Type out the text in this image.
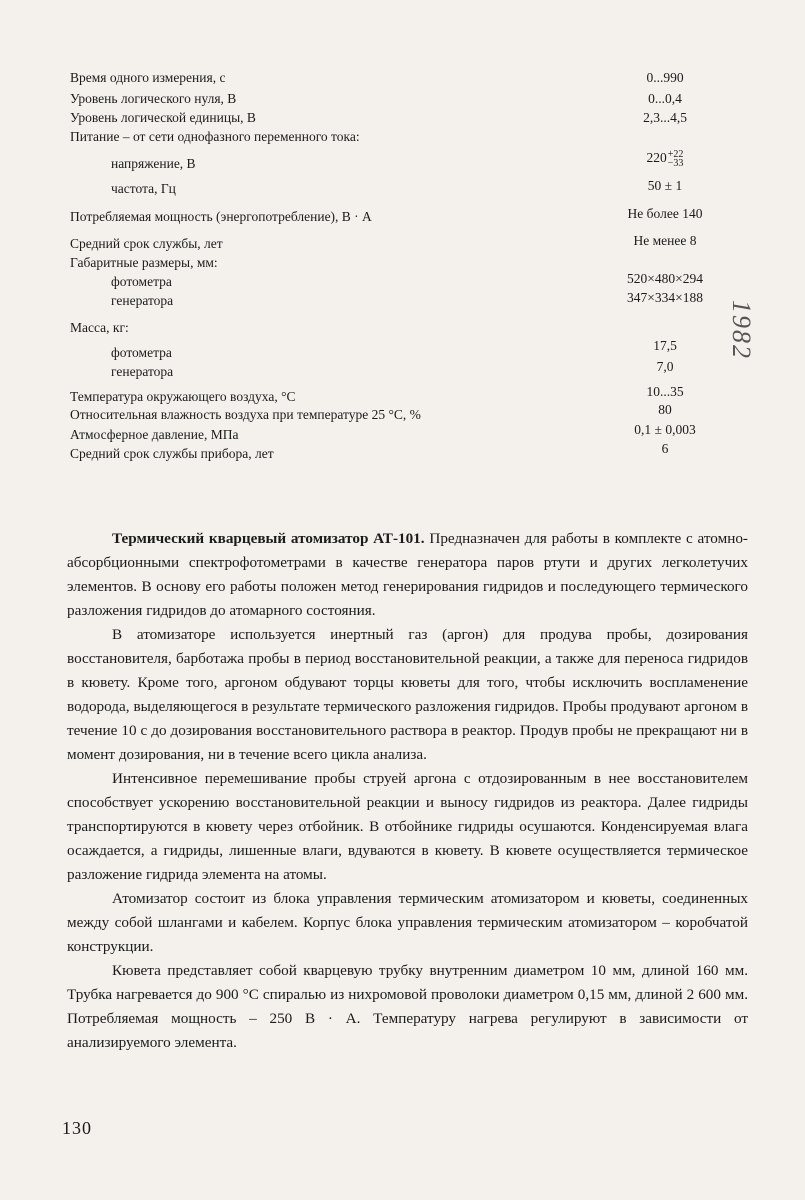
Время одного измерения, с	0...990
Уровень логического нуля, В	0...0,4
Уровень логической единицы, В	2,3...4,5
Питание – от сети однофазного переменного тока:
напряжение, В	220 +22
−33
частота, Гц	50 ± 1
Потребляемая мощность (энергопотребление), В · А	Не более 140
Средний срок службы, лет	Не менее 8
Габаритные размеры, мм:
фотометра	520×480×294
генератора	347×334×188
Масса, кг:
фотометра	17,5
генератора	7,0
Температура окружающего воздуха, °С	10...35
Относительная влажность воздуха при температуре 25 °С, %	80
Атмосферное давление, МПа	0,1 ± 0,003
Средний срок службы прибора, лет	6
1982

Термический кварцевый атомизатор АТ-101. Предназначен для работы в комплекте с атомно-абсорбционными спектрофотометрами в качестве генератора паров ртути и других легколетучих элементов. В основу его работы положен метод генерирования гидридов и последующего термического разложения гидридов до атомарного состояния.

В атомизаторе используется инертный газ (аргон) для продува пробы, дозирования восстановителя, барботажа пробы в период восстановительной реакции, а также для переноса гидридов в кювету. Кроме того, аргоном обдувают торцы кюветы для того, чтобы исключить воспламенение водорода, выделяющегося в результате термического разложения гидридов. Пробы продувают аргоном в течение 10 с до дозирования восстановительного раствора в реактор. Продув пробы не прекращают ни в момент дозирования, ни в течение всего цикла анализа.

Интенсивное перемешивание пробы струей аргона с отдозированным в нее восстановителем способствует ускорению восстановительной реакции и выносу гидридов из реактора. Далее гидриды транспортируются в кювету через отбойник. В отбойнике гидриды осушаются. Конденсируемая влага осаждается, а гидриды, лишенные влаги, вдуваются в кювету. В кювете осуществляется термическое разложение гидрида элемента на атомы.

Атомизатор состоит из блока управления термическим атомизатором и кюветы, соединенных между собой шлангами и кабелем. Корпус блока управления термическим атомизатором – коробчатой конструкции.

Кювета представляет собой кварцевую трубку внутренним диаметром 10 мм, длиной 160 мм. Трубка нагревается до 900 °С спиралью из нихромовой проволоки диаметром 0,15 мм, длиной 2 600 мм. Потребляемая мощность – 250 В · А. Температуру нагрева регулируют в зависимости от анализируемого элемента.

130
